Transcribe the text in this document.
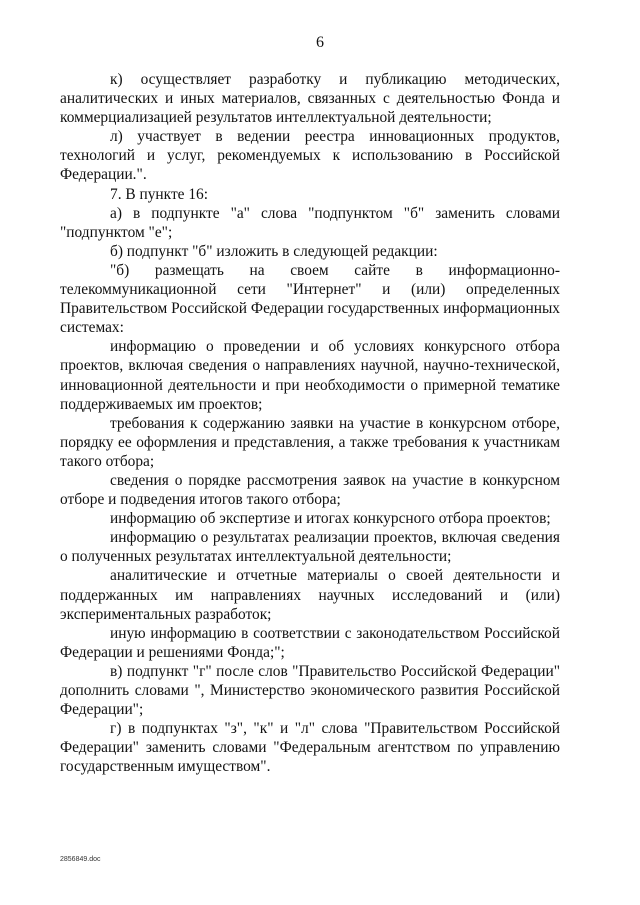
6

к) осуществляет разработку и публикацию методических, аналитических и иных материалов, связанных с деятельностью Фонда и коммерциализацией результатов интеллектуальной деятельности;

л) участвует в ведении реестра инновационных продуктов, технологий и услуг, рекомендуемых к использованию в Российской Федерации.".

7. В пункте 16:

а) в подпункте "а" слова "подпунктом "б" заменить словами "подпунктом "е";

б) подпункт "б" изложить в следующей редакции:

"б) размещать на своем сайте в информационно-телекоммуникационной сети "Интернет" и (или) определенных Правительством Российской Федерации государственных информационных системах:

информацию о проведении и об условиях конкурсного отбора проектов, включая сведения о направлениях научной, научно-технической, инновационной деятельности и при необходимости о примерной тематике поддерживаемых им проектов;

требования к содержанию заявки на участие в конкурсном отборе, порядку ее оформления и представления, а также требования к участникам такого отбора;

сведения о порядке рассмотрения заявок на участие в конкурсном отборе и подведения итогов такого отбора;

информацию об экспертизе и итогах конкурсного отбора проектов;

информацию о результатах реализации проектов, включая сведения о полученных результатах интеллектуальной деятельности;

аналитические и отчетные материалы о своей деятельности и поддержанных им направлениях научных исследований и (или) экспериментальных разработок;

иную информацию в соответствии с законодательством Российской Федерации и решениями Фонда;";

в) подпункт "г" после слов "Правительство Российской Федерации" дополнить словами ", Министерство экономического развития Российской Федерации";

г) в подпунктах "з", "к" и "л" слова "Правительством Российской Федерации" заменить словами "Федеральным агентством по управлению государственным имуществом".

2856849.doc
